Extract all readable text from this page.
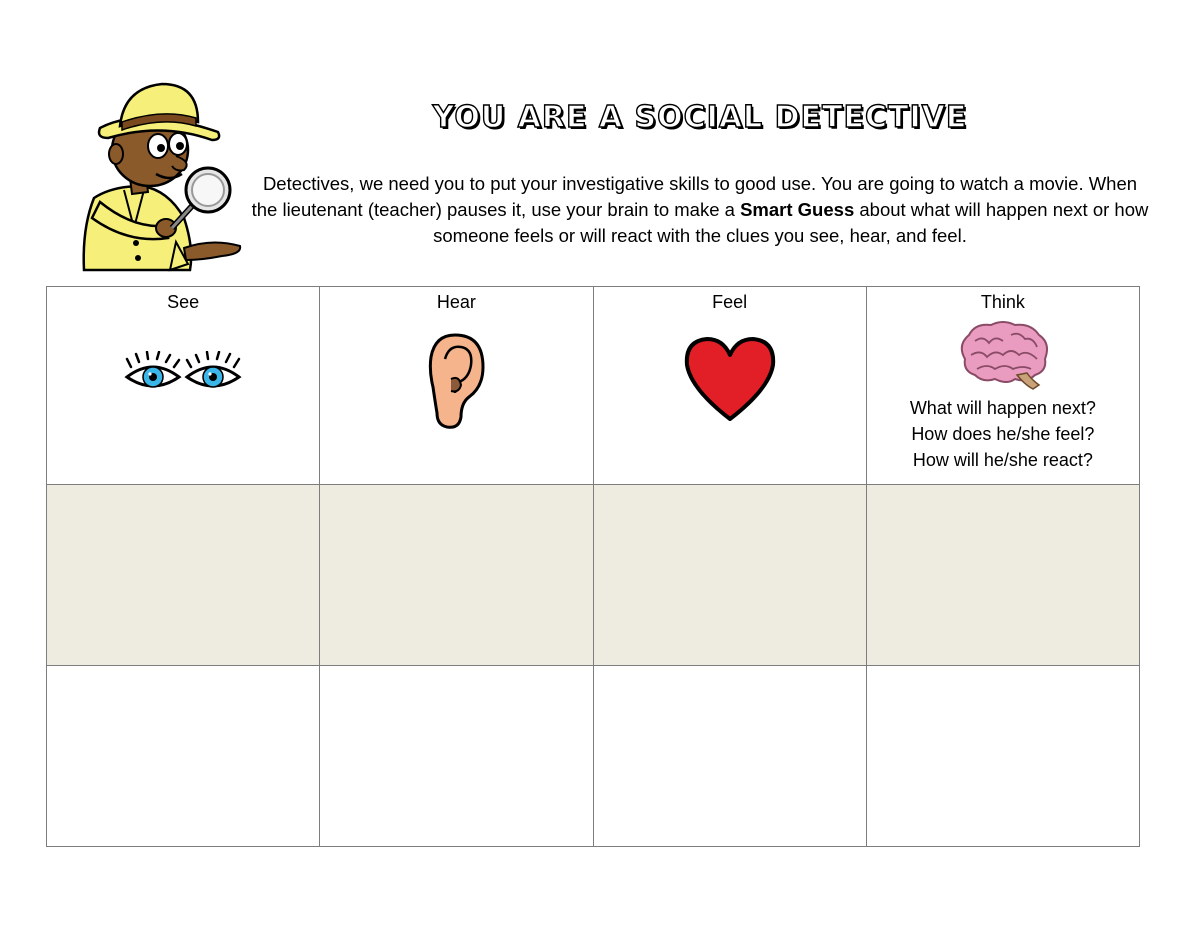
YOU ARE A SOCIAL DETECTIVE
Detectives, we need you to put your investigative skills to good use. You are going to watch a movie. When the lieutenant (teacher) pauses it, use your brain to make a Smart Guess about what will happen next or how someone feels or will react with the clues you see, hear, and feel.
See	Hear	Feel	Think
What will happen next?
How does he/she feel?
How will he/she react?
